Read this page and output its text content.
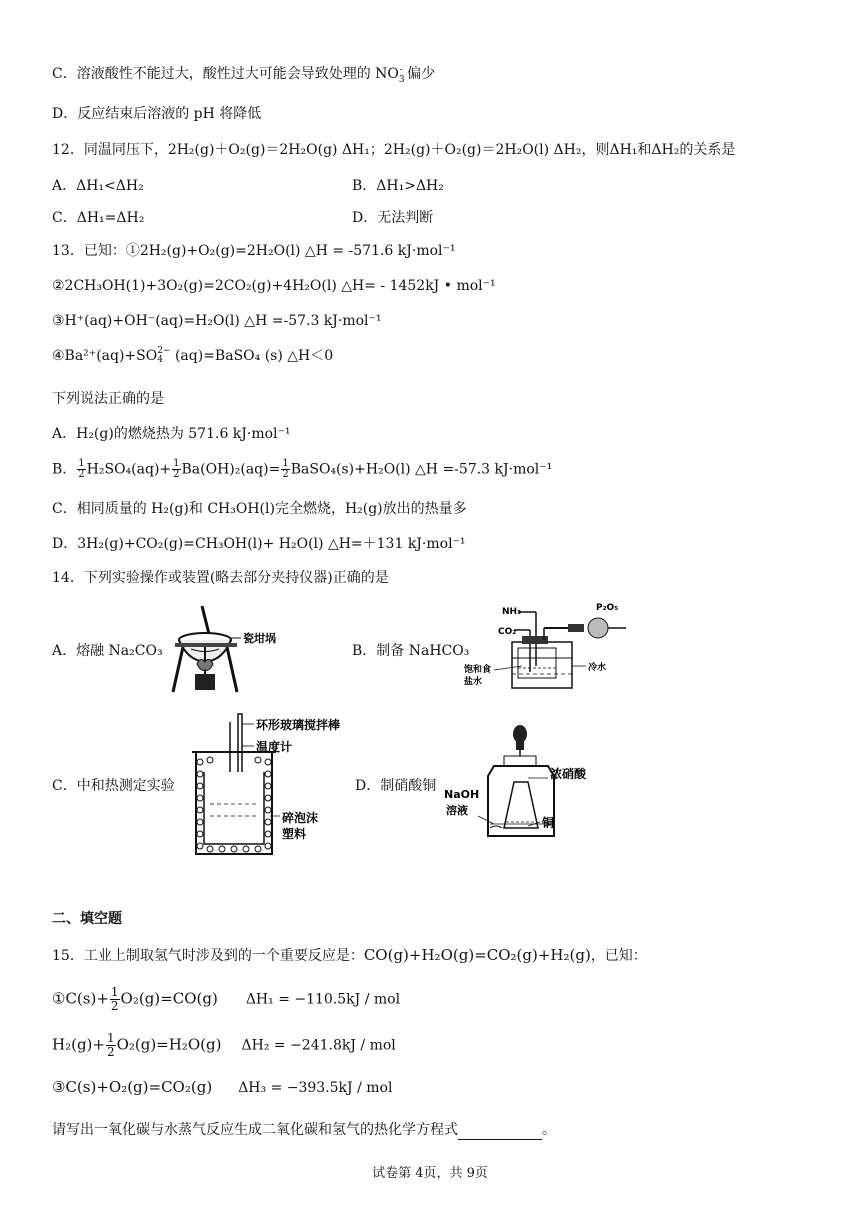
C．溶液酸性不能过大，酸性过大可能会导致处理的 $NO_3^-$ 偏少
D．反应结束后溶液的 pH 将降低
12．同温同压下，2H₂(g)＋O₂(g)＝2H₂O(g) ΔH₁；2H₂(g)＋O₂(g)＝2H₂O(l) ΔH₂，则ΔH₁和ΔH₂的关系是
A．ΔH₁<ΔH₂	B．ΔH₁>ΔH₂
C．ΔH₁=ΔH₂	D．无法判断
13．已知：①2H₂(g)+O₂(g)=2H₂O(l) △H = -571.6 kJ·mol⁻¹
②2CH₃OH(1)+3O₂(g)=2CO₂(g)+4H₂O(l) △H= - 1452kJ • mol⁻¹
③H⁺(aq)+OH⁻(aq)=H₂O(l) △H =-57.3 kJ·mol⁻¹
④Ba²⁺(aq)+SO 2−
4 (aq)=BaSO₄ (s) △H＜0
下列说法正确的是
A．H₂(g)的燃烧热为 571.6 kJ·mol⁻¹
B． $\frac{1}{2} H_2SO_4(aq)+ \frac{1}{2} Ba(OH)_2(aq)= \frac{1}{2}$ BaSO₄(s)+H₂O(l) △H =-57.3 kJ·mol⁻¹
C．相同质量的 H₂(g)和 CH₃OH(l)完全燃烧，H₂(g)放出的热量多
D．3H₂(g)+CO₂(g)=CH₃OH(l)+ H₂O(l) △H=＋131 kJ·mol⁻¹
14．下列实验操作或装置(略去部分夹持仪器)正确的是
A．熔融 Na₂CO₃	B．制备 NaHCO₃
C．中和热测定实验	D．制硝酸铜
瓷坩埚
NH₃
CO₂
P₂O₅
饱和食
盐水
冷水
环形玻璃搅拌棒
温度计
碎泡沫
塑料
浓硝酸
NaOH
溶液
铜
二、填空题
15．工业上制取氢气时涉及到的一个重要反应是：CO(g)+H₂O(g)=CO₂(g)+H₂(g)，已知：
①C(s)+ $\frac{1}{2} O_2(g)=CO(g) \Delta H_1 = -110.5kJ$ / mol
$H_2(g)+ \frac{1}{2} O_2(g)=H_2O(g) \Delta H_2 = -241.8kJ$ / mol
③C(s)+O₂(g)=CO₂(g) ΔH₃ = −393.5kJ / mol
请写出一氧化碳与水蒸气反应生成二氧化碳和氢气的热化学方程式	。
试卷第 4页，共 9页
